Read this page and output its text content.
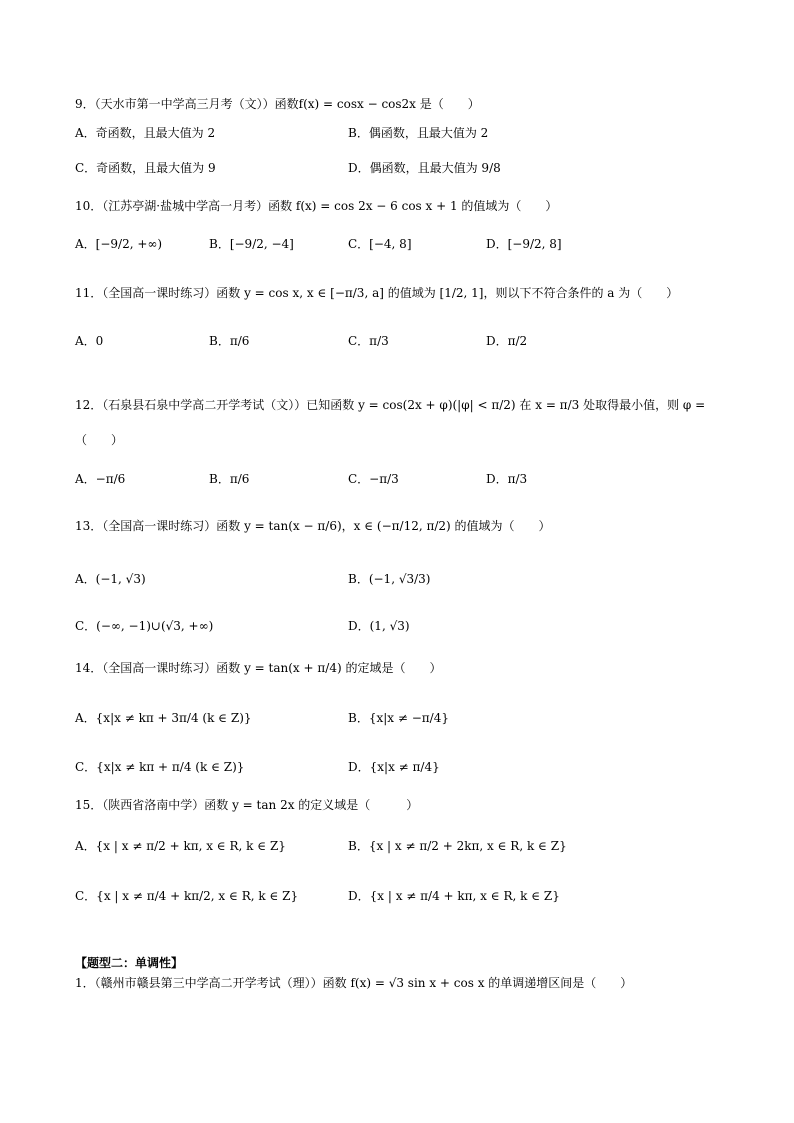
9．（天水市第一中学高三月考（文））函数f(x) = cosx − cos2x 是（　　）
A．奇函数，且最大值为 2	B．偶函数，且最大值为 2
C．奇函数，且最大值为 9	D．偶函数，且最大值为 9/8
10．（江苏亭湖·盐城中学高一月考）函数 f(x) = cos 2x − 6 cos x + 1 的值域为（　　）
A．[−9/2, +∞)	B．[−9/2, −4]	C．[−4, 8]	D．[−9/2, 8]
11．（全国高一课时练习）函数 y = cos x, x ∈ [−π/3, a] 的值域为 [1/2, 1]，则以下不符合条件的 a 为（　　）
A．0	B．π/6	C．π/3	D．π/2
12．（石泉县石泉中学高二开学考试（文））已知函数 y = cos(2x + φ)(|φ| < π/2) 在 x = π/3 处取得最小值，则 φ =
（　　）
A．−π/6	B．π/6	C．−π/3	D．π/3
13．（全国高一课时练习）函数 y = tan(x − π/6)，x ∈ (−π/12, π/2) 的值域为（　　）
A．(−1, √3)	B．(−1, √3/3)
C．(−∞, −1)∪(√3, +∞)	D．(1, √3)
14．（全国高一课时练习）函数 y = tan(x + π/4) 的定域是（　　）
A．{x|x ≠ kπ + 3π/4 (k ∈ Z)}	B．{x|x ≠ −π/4}
C．{x|x ≠ kπ + π/4 (k ∈ Z)}	D．{x|x ≠ π/4}
15．（陕西省洛南中学）函数 y = tan 2x 的定义域是（　　　）
A．{x | x ≠ π/2 + kπ, x ∈ R, k ∈ Z}	B．{x | x ≠ π/2 + 2kπ, x ∈ R, k ∈ Z}
C．{x | x ≠ π/4 + kπ/2, x ∈ R, k ∈ Z}	D．{x | x ≠ π/4 + kπ, x ∈ R, k ∈ Z}
【题型二：单调性】
1．（赣州市赣县第三中学高二开学考试（理））函数 f(x) = √3 sin x + cos x 的单调递增区间是（　　）
